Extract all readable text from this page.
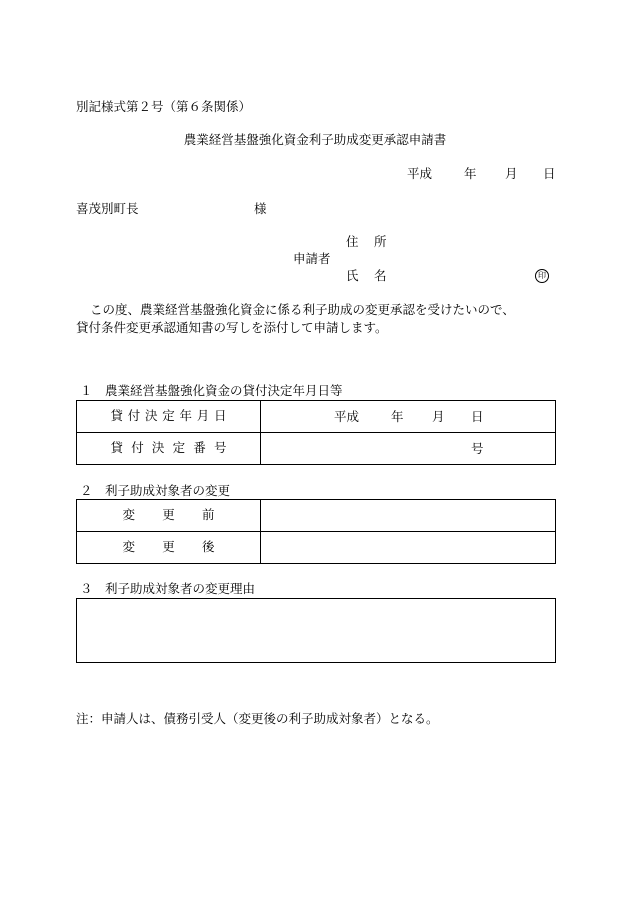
別記様式第２号（第６条関係）
農業経営基盤強化資金利子助成変更承認申請書
平成	年 月 日
喜茂別町長	様
住 所
申請者
氏 名	印
この度、農業経営基盤強化資金に係る利子助成の変更承認を受けたいので、
貸付条件変更承認通知書の写しを添付して申請します。
１　農業経営基盤強化資金の貸付決定年月日等
貸付決定年月日	平成 年 月 日

貸付決定番号	号
２　利子助成対象者の変更
変更前	
変更後	
３　利子助成対象者の変更理由
注：申請人は、債務引受人（変更後の利子助成対象者）となる。
